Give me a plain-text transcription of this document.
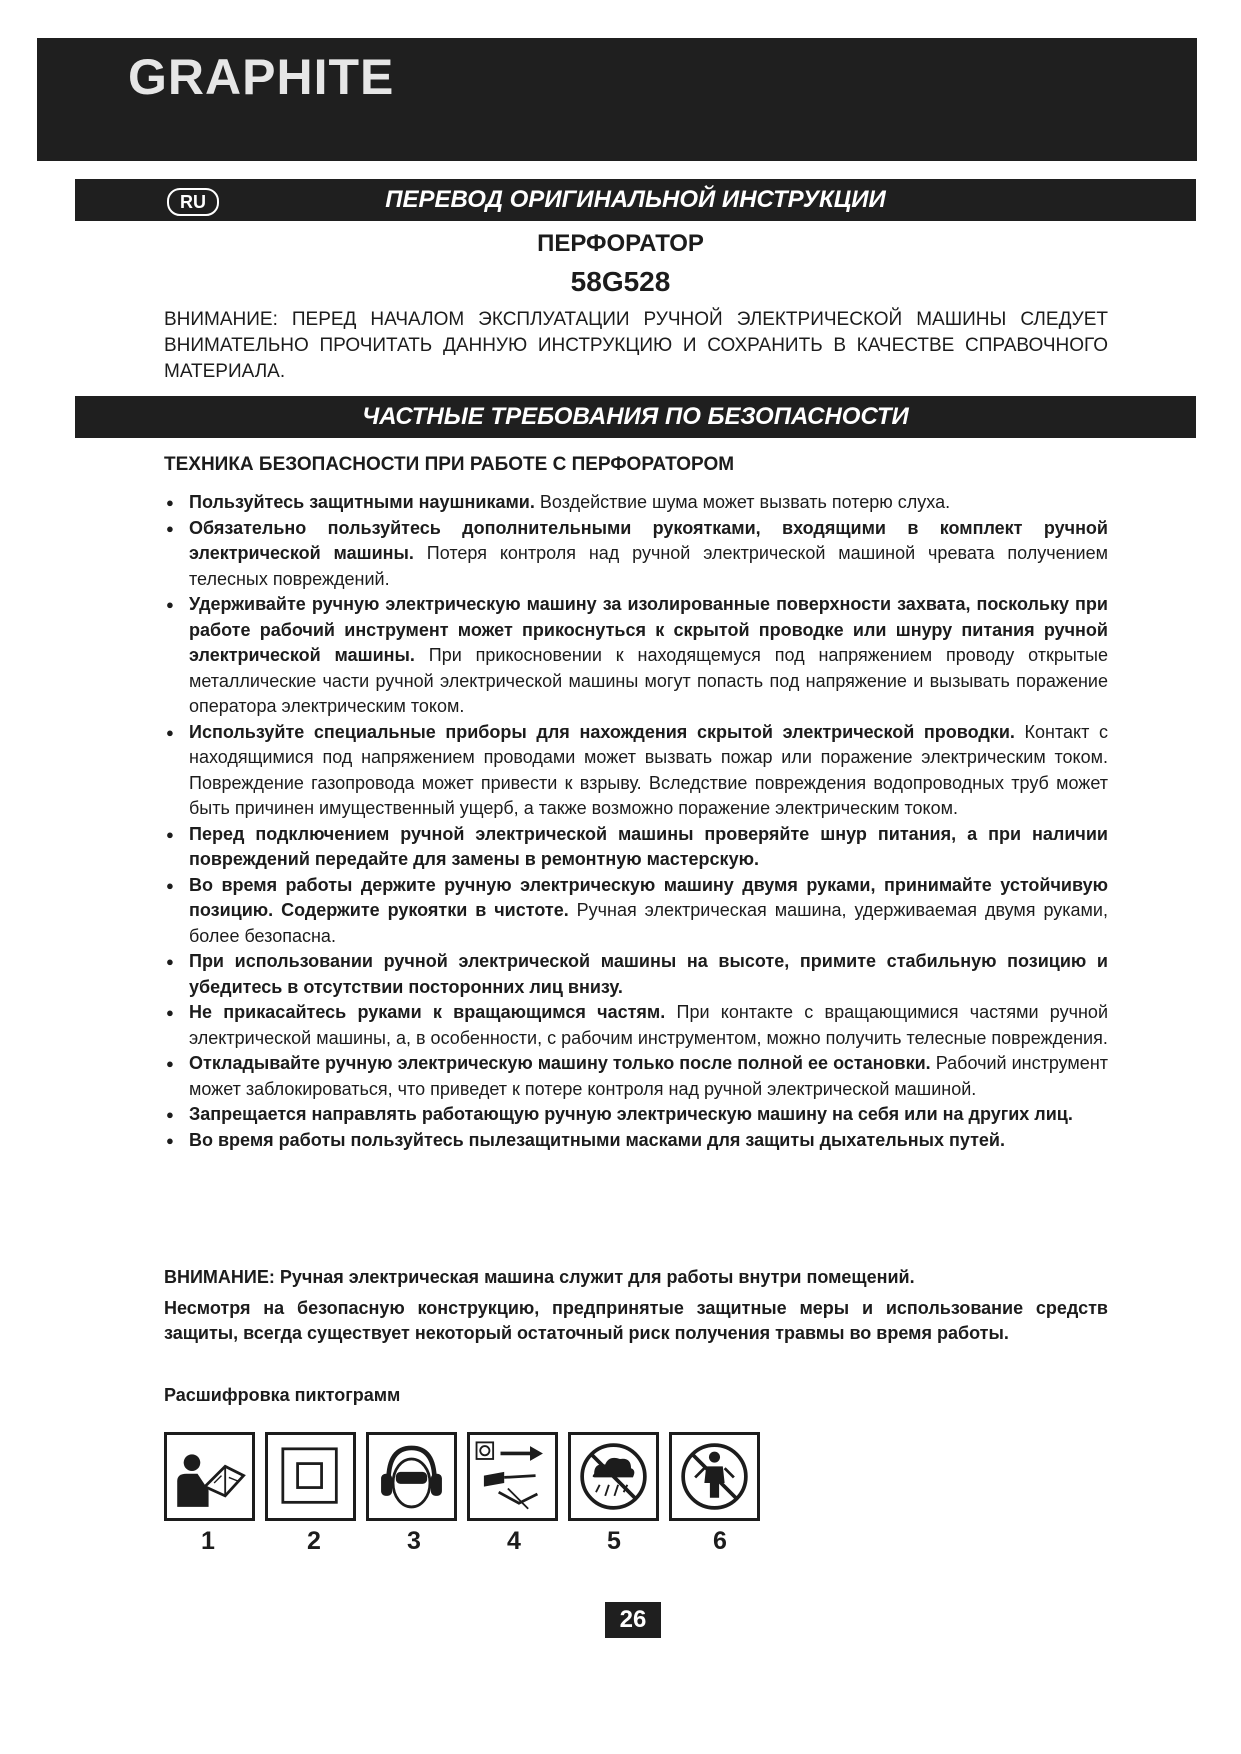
GRAPHITE
ПЕРЕВОД ОРИГИНАЛЬНОЙ ИНСТРУКЦИИ
RU
ПЕРФОРАТОР
58G528
ВНИМАНИЕ: ПЕРЕД НАЧАЛОМ ЭКСПЛУАТАЦИИ РУЧНОЙ ЭЛЕКТРИЧЕСКОЙ МАШИНЫ СЛЕДУЕТ ВНИМАТЕЛЬНО ПРОЧИТАТЬ ДАННУЮ ИНСТРУКЦИЮ И СОХРАНИТЬ В КАЧЕСТВЕ СПРАВОЧНОГО МАТЕРИАЛА.
ЧАСТНЫЕ ТРЕБОВАНИЯ ПО БЕЗОПАСНОСТИ
ТЕХНИКА БЕЗОПАСНОСТИ ПРИ РАБОТЕ С ПЕРФОРАТОРОМ
● Пользуйтесь защитными наушниками. Воздействие шума может вызвать потерю слуха.
● Обязательно пользуйтесь дополнительными рукоятками, входящими в комплект ручной электрической машины. Потеря контроля над ручной электрической машиной чревата получением телесных повреждений.
● Удерживайте ручную электрическую машину за изолированные поверхности захвата, поскольку при работе рабочий инструмент может прикоснуться к скрытой проводке или шнуру питания ручной электрической машины. При прикосновении к находящемуся под напряжением проводу открытые металлические части ручной электрической машины могут попасть под напряжение и вызывать поражение оператора электрическим током.
● Используйте специальные приборы для нахождения скрытой электрической проводки. Контакт с находящимися под напряжением проводами может вызвать пожар или поражение электрическим током. Повреждение газопровода может привести к взрыву. Вследствие повреждения водопроводных труб может быть причинен имущественный ущерб, а также возможно поражение электрическим током.
● Перед подключением ручной электрической машины проверяйте шнур питания, а при наличии повреждений передайте для замены в ремонтную мастерскую.
● Во время работы держите ручную электрическую машину двумя руками, принимайте устойчивую позицию. Содержите рукоятки в чистоте. Ручная электрическая машина, удерживаемая двумя руками, более безопасна.
● При использовании ручной электрической машины на высоте, примите стабильную позицию и убедитесь в отсутствии посторонних лиц внизу.
● Не прикасайтесь руками к вращающимся частям. При контакте с вращающимися частями ручной электрической машины, а, в особенности, с рабочим инструментом, можно получить телесные повреждения.
● Откладывайте ручную электрическую машину только после полной ее остановки. Рабочий инструмент может заблокироваться, что приведет к потере контроля над ручной электрической машиной.
● Запрещается направлять работающую ручную электрическую машину на себя или на других лиц.
● Во время работы пользуйтесь пылезащитными масками для защиты дыхательных путей.
ВНИМАНИЕ: Ручная электрическая машина служит для работы внутри помещений.
Несмотря на безопасную конструкцию, предпринятые защитные меры и использование средств защиты, всегда существует некоторый остаточный риск получения травмы во время работы.
Расшифровка пиктограмм
1	2	3	4	5	6
26
